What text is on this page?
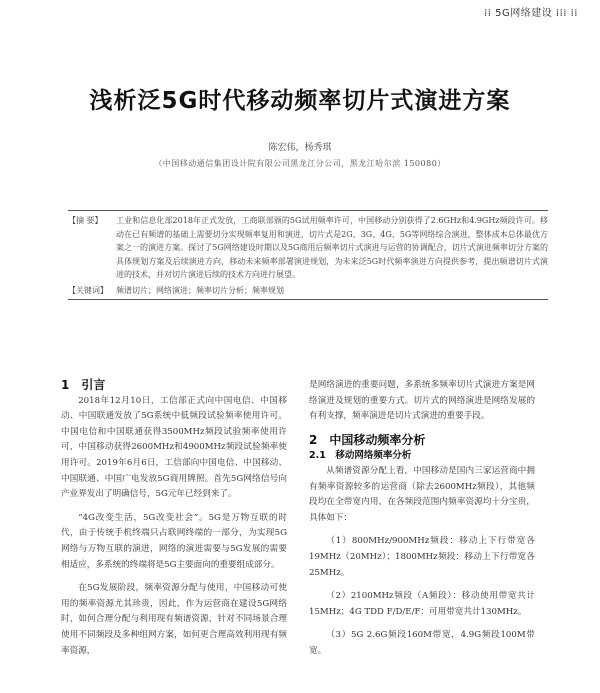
⁞⁞ 5G网络建设 ⁞⁞⁞ ⁞⁞
浅析泛5G时代移动频率切片式演进方案
陈宏伟，杨秀琪
（中国移动通信集团设计院有限公司黑龙江分公司，黑龙江哈尔滨 150080）
【摘 要】	工业和信息化部2018年正式发放，工商联部颁的5G试用频率许可，中国移动分别获得了2.6GHz和4.9GHz频段许可。移动在已有频谱的基础上需要切分实现频率复用和演进，切片式是2G、3G、4G、5G等网络综合演进，整体成本总体最优方案之一的演进方案。探讨了5G网络建设时期以及5G商用后频率切片式演进与运营的协调配合，切片式演进频率切分方案的具体规划方案及后续演进方向，移动未来频率部署演进规划，为未来泛5G时代频率演进方向提供参考，提出频谱切片式演进的技术，并对切片演进后续的技术方向进行展望。
【关键词】	频谱切片；网络演进；频率切片分析；频率规划

1　引言

2018年12月10日，工信部正式向中国电信、中国移动、中国联通发放了5G系统中低频段试验频率使用许可。中国电信和中国联通获得3500MHz频段试验频率使用许可，中国移动获得2600MHz和4900MHz频段试验频率使用许可。2019年6月6日，工信部向中国电信、中国移动、中国联通、中国广电发放5G商用牌照。首先5G网络信号向产业界发出了明确信号，5G元年已经到来了。

“4G改变生活，5G改变社会”。5G是万物互联的时代，由于传统手机终端只占联网终端的一部分，为实现5G网络与万物互联的演进，网络的演进需要与5G发展的需要相适应，多系统的终端将是5G主要面向的重要组成部分。

在5G发展阶段，频率资源分配与使用，中国移动可使用的频率资源尤其珍贵，因此，作为运营商在建设5G网络时，如何合理分配与利用现有频谱资源，针对不同场景合理使用不同频段及多种组网方案，如何更合理高效利用现有频率资源，

是网络演进的重要问题，多系统多频率切片式演进方案是网络演进及规划的重要方式。切片式的网络演进是网络发展的有利支撑，频率演进是切片式演进的重要手段。

2　中国移动频率分析

2.1　移动网络频率分析

从频谱资源分配上看，中国移动是国内三家运营商中拥有频率资源较多的运营商（除去2600MHz频段），其他频段均在全带宽内用，在各频段范围内频率资源均十分宝贵，具体如下：

（1）800MHz/900MHz频段：移动上下行带宽各19MHz（20MHz）；1800MHz频段：移动上下行带宽各25MHz。

（2）2100MHz频段（A频段）：移动使用带宽共计15MHz；4G TDD F/D/E/F：可用带宽共计130MHz。

（3）5G 2.6G频段160M带宽，4.9G频段100M带宽。
